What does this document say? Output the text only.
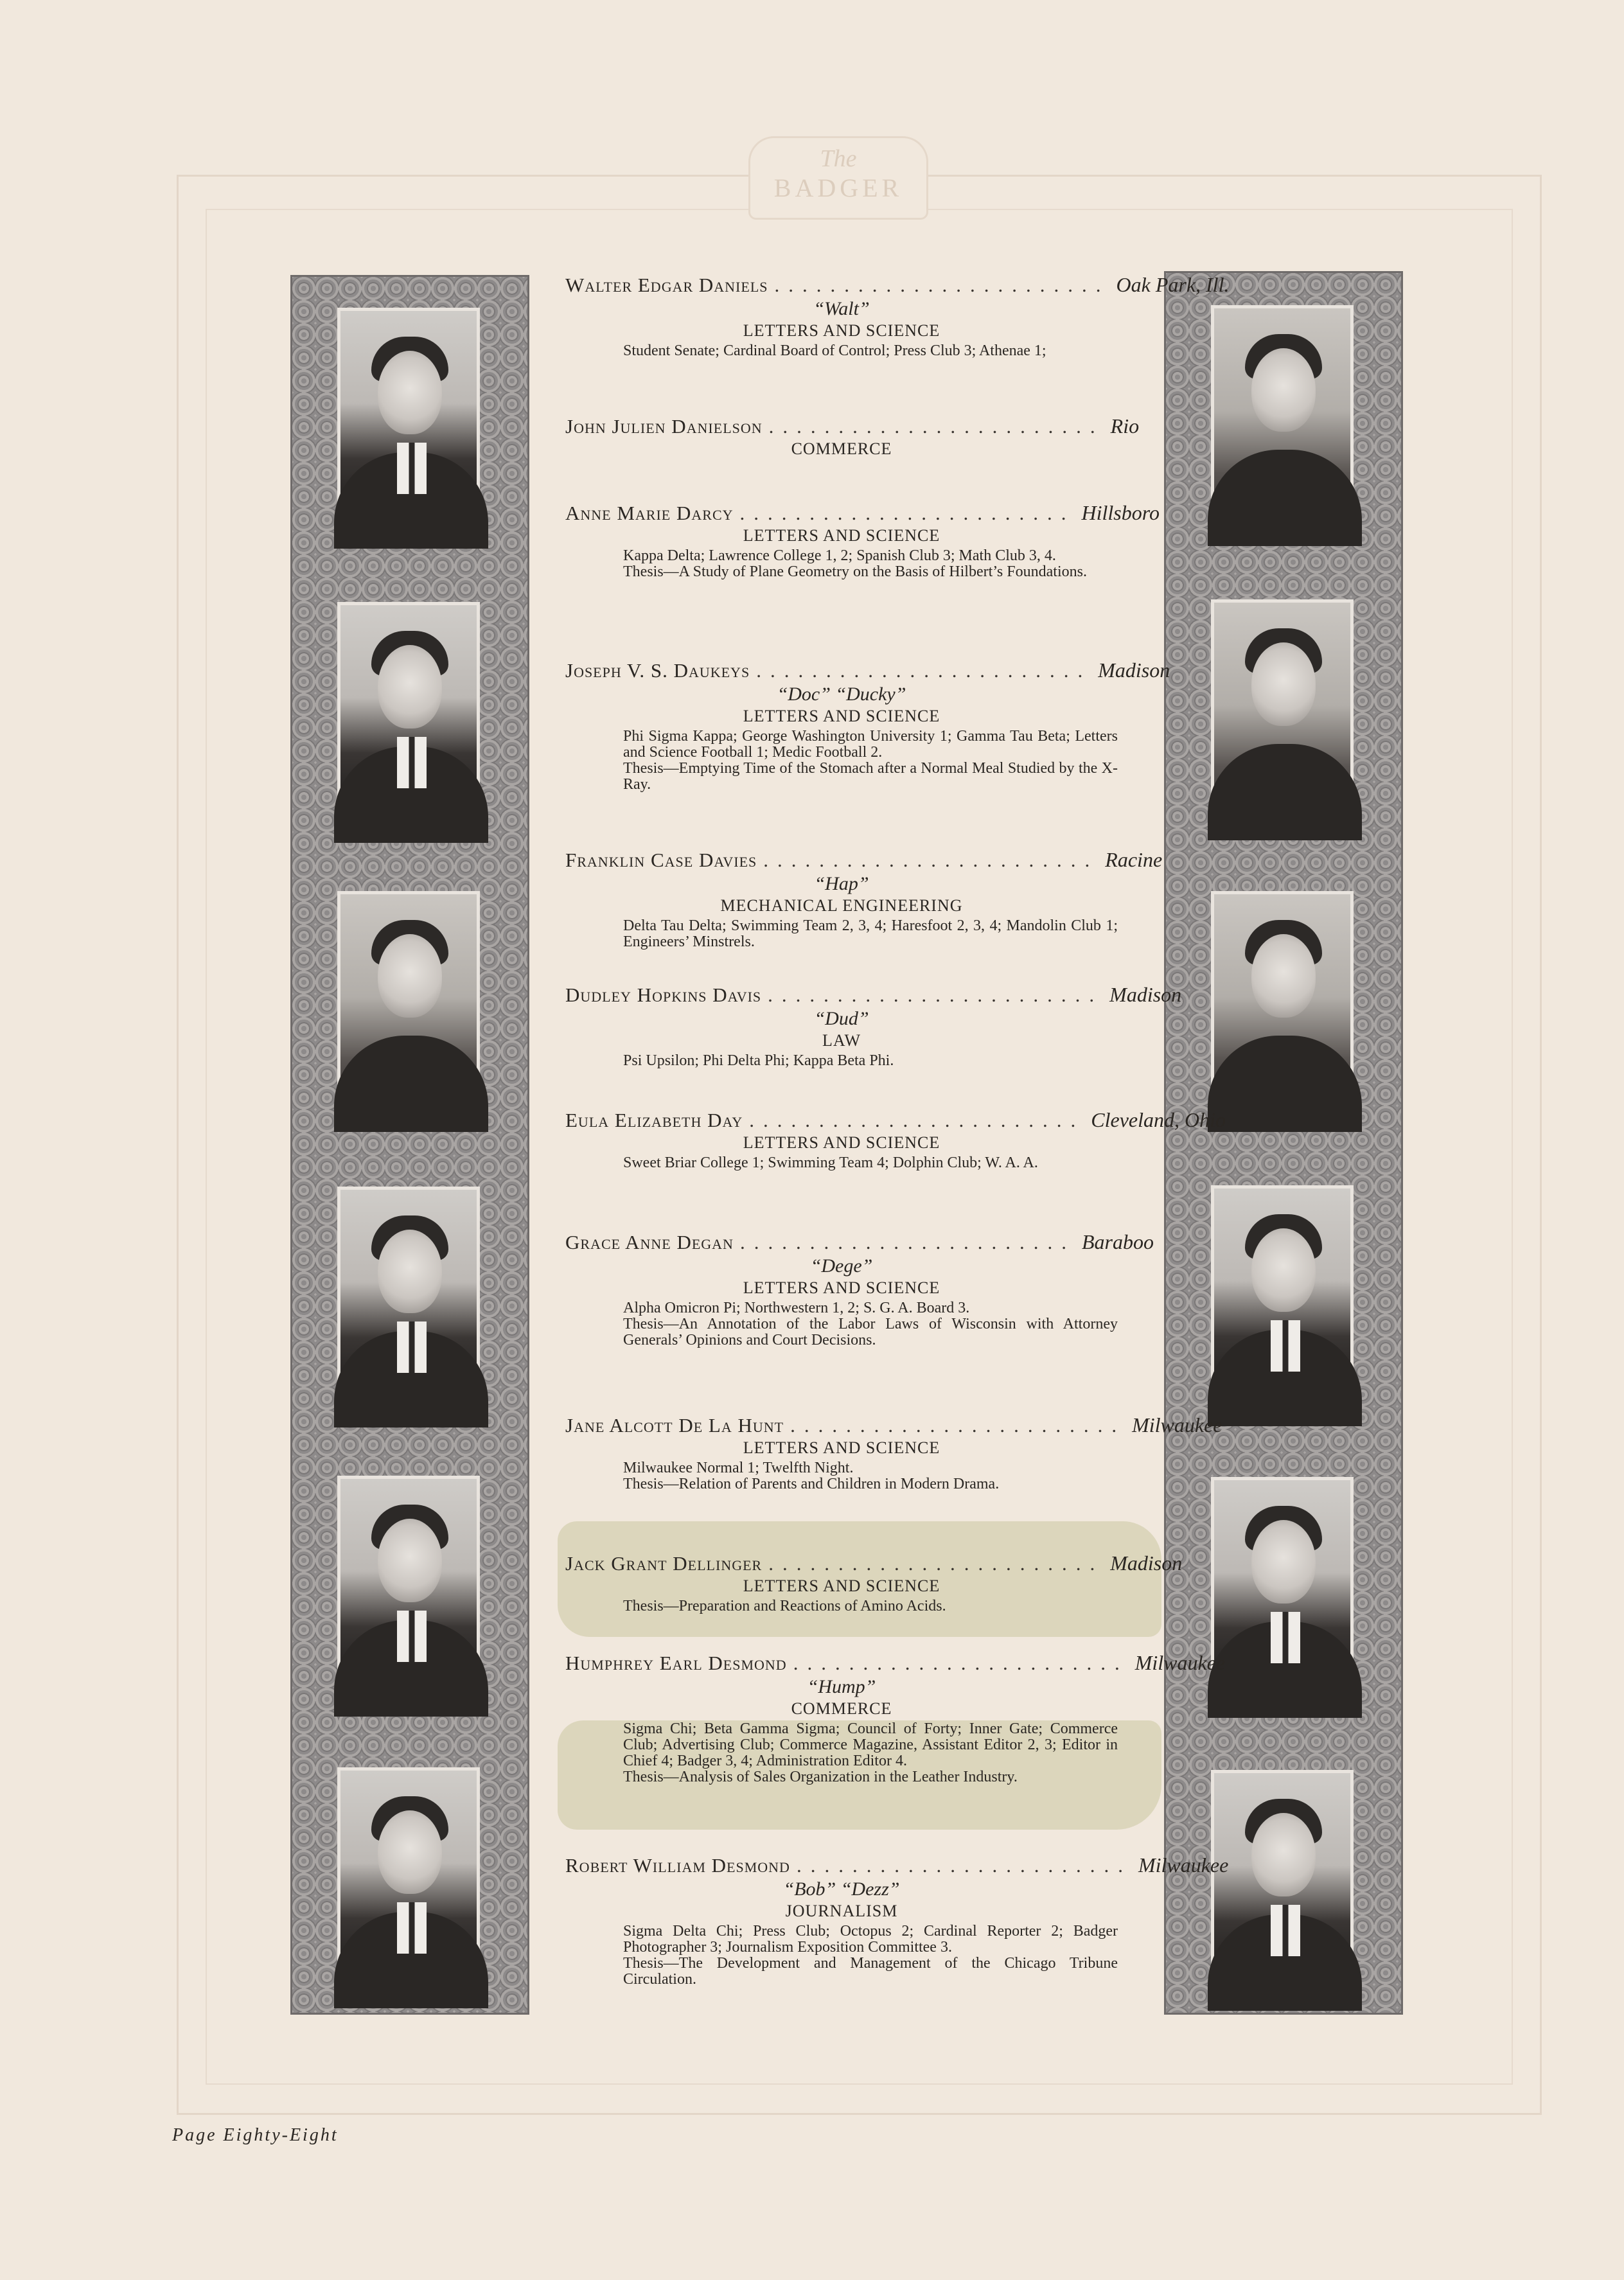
The
BADGER
Walter Edgar Daniels ........................ Oak Park, Ill.
“Walt”
LETTERS AND SCIENCE
Student Senate; Cardinal Board of Control; Press Club 3; Athenae 1;
John Julien Danielson ........................ Rio
COMMERCE
Anne Marie Darcy ........................ Hillsboro
LETTERS AND SCIENCE
Kappa Delta; Lawrence College 1, 2; Spanish Club 3; Math Club 3, 4.
Thesis—A Study of Plane Geometry on the Basis of Hilbert’s Foundations.
Joseph V. S. Daukeys ........................ Madison
“Doc” “Ducky”
LETTERS AND SCIENCE
Phi Sigma Kappa; George Washington University 1; Gamma Tau Beta; Letters and Science Football 1; Medic Football 2.
Thesis—Emptying Time of the Stomach after a Normal Meal Studied by the X-Ray.
Franklin Case Davies ........................ Racine
“Hap”
MECHANICAL ENGINEERING
Delta Tau Delta; Swimming Team 2, 3, 4; Haresfoot 2, 3, 4; Mandolin Club 1; Engineers’ Minstrels.
Dudley Hopkins Davis ........................ Madison
“Dud”
LAW
Psi Upsilon; Phi Delta Phi; Kappa Beta Phi.
Eula Elizabeth Day ........................ Cleveland, Ohio
LETTERS AND SCIENCE
Sweet Briar College 1; Swimming Team 4; Dolphin Club; W. A. A.
Grace Anne Degan ........................ Baraboo
“Dege”
LETTERS AND SCIENCE
Alpha Omicron Pi; Northwestern 1, 2; S. G. A. Board 3.
Thesis—An Annotation of the Labor Laws of Wisconsin with Attorney Generals’ Opinions and Court Decisions.
Jane Alcott De La Hunt ........................ Milwaukee
LETTERS AND SCIENCE
Milwaukee Normal 1; Twelfth Night.
Thesis—Relation of Parents and Children in Modern Drama.
Jack Grant Dellinger ........................ Madison
LETTERS AND SCIENCE
Thesis—Preparation and Reactions of Amino Acids.
Humphrey Earl Desmond ........................ Milwaukee
“Hump”
COMMERCE
Sigma Chi; Beta Gamma Sigma; Council of Forty; Inner Gate; Commerce Club; Advertising Club; Commerce Magazine, Assistant Editor 2, 3; Editor in Chief 4; Badger 3, 4; Administration Editor 4.
Thesis—Analysis of Sales Organization in the Leather Industry.
Robert William Desmond ........................ Milwaukee
“Bob” “Dezz”
JOURNALISM
Sigma Delta Chi; Press Club; Octopus 2; Cardinal Reporter 2; Badger Photographer 3; Journalism Exposition Committee 3.
Thesis—The Development and Management of the Chicago Tribune Circulation.
Page Eighty-Eight
